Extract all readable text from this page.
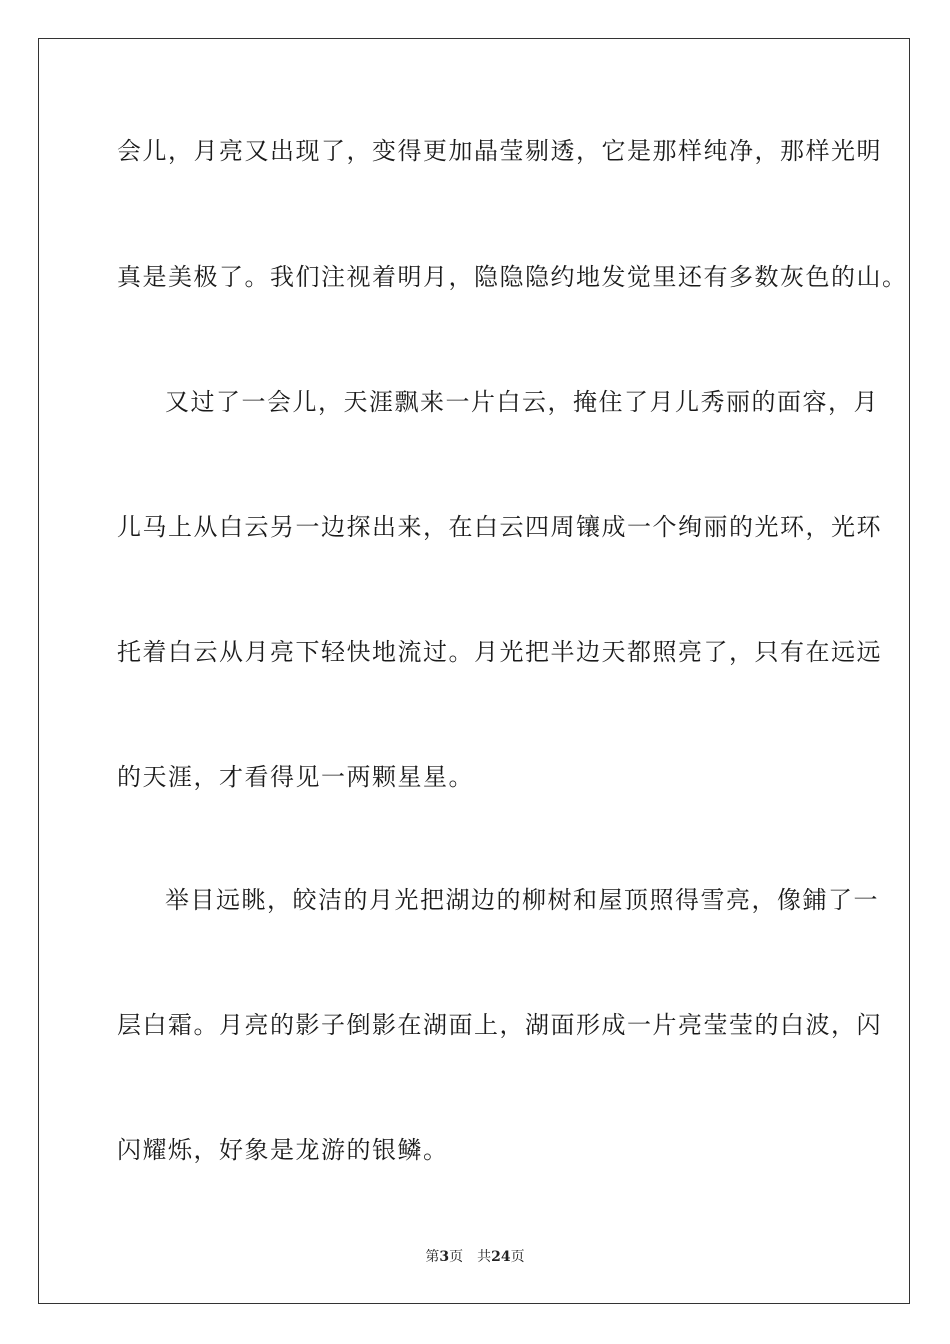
会儿，月亮又出现了，变得更加晶莹剔透，它是那样纯净，那样光明
真是美极了。我们注视着明月，隐隐隐约地发觉里还有多数灰色的山。
又过了一会儿，天涯飘来一片白云，掩住了月儿秀丽的面容，月
儿马上从白云另一边探出来，在白云四周镶成一个绚丽的光环，光环
托着白云从月亮下轻快地流过。月光把半边天都照亮了，只有在远远
的天涯，才看得见一两颗星星。
举目远眺，皎洁的月光把湖边的柳树和屋顶照得雪亮，像鋪了一
层白霜。月亮的影子倒影在湖面上，湖面形成一片亮莹莹的白波，闪
闪耀烁，好象是龙游的银鳞。
第3页 共24页
